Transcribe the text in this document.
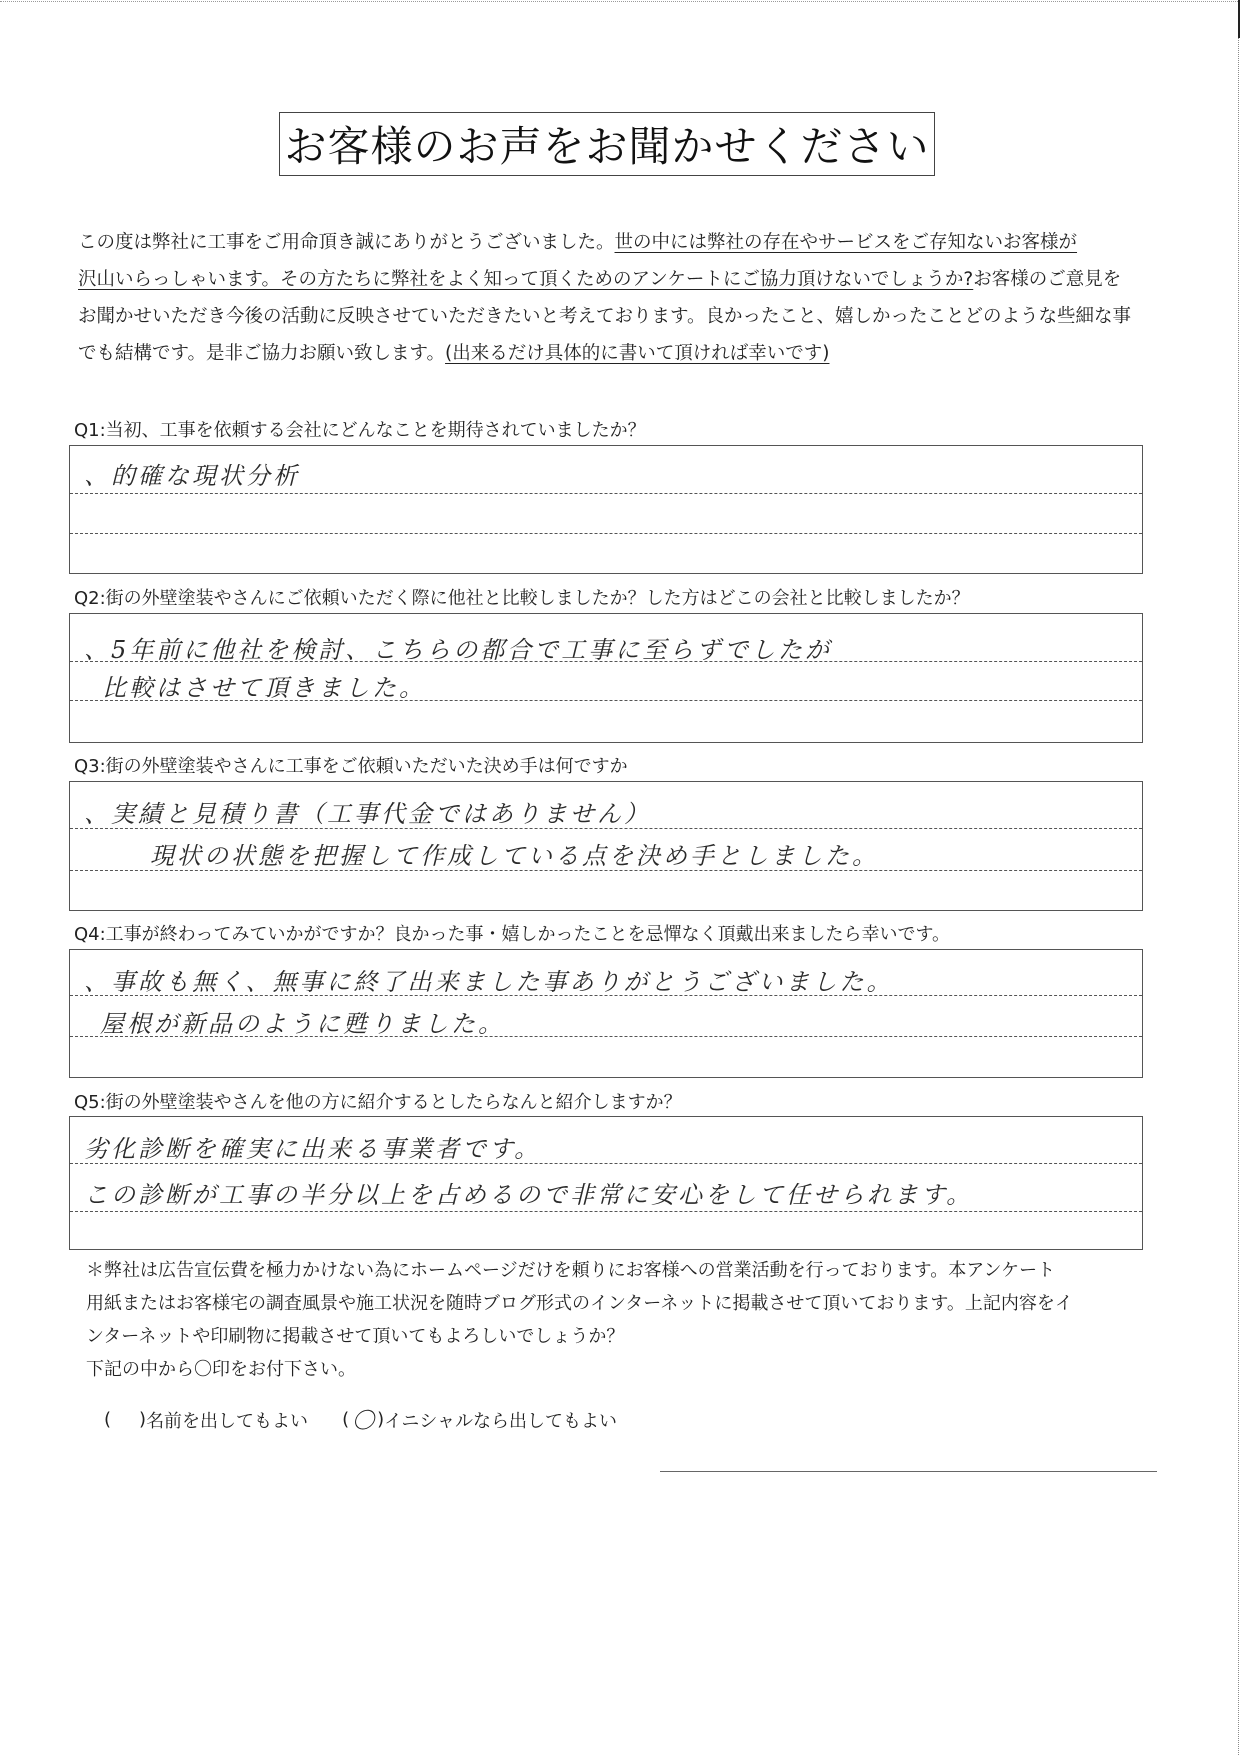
お客様のお声をお聞かせください
この度は弊社に工事をご用命頂き誠にありがとうございました。世の中には弊社の存在やサービスをご存知ないお客様が
沢山いらっしゃいます。その方たちに弊社をよく知って頂くためのアンケートにご協力頂けないでしょうか?お客様のご意見を
お聞かせいただき今後の活動に反映させていただきたいと考えております。良かったこと、嬉しかったことどのような些細な事
でも結構です。是非ご協力お願い致します。(出来るだけ具体的に書いて頂ければ幸いです)
Q1:当初、工事を依頼する会社にどんなことを期待されていましたか？
、的確な現状分析
Q2:街の外壁塗装やさんにご依頼いただく際に他社と比較しましたか？した方はどこの会社と比較しましたか？
、5年前に他社を検討、こちらの都合で工事に至らずでしたが
比較はさせて頂きました。
Q3:街の外壁塗装やさんに工事をご依頼いただいた決め手は何ですか
、実績と見積り書（工事代金ではありません）
現状の状態を把握して作成している点を決め手としました。
Q4:工事が終わってみていかがですか？良かった事・嬉しかったことを忌憚なく頂戴出来ましたら幸いです。
、事故も無く、無事に終了出来ました事ありがとうございました。
屋根が新品のように甦りました。
Q5:街の外壁塗装やさんを他の方に紹介するとしたらなんと紹介しますか？
劣化診断を確実に出来る事業者です。
この診断が工事の半分以上を占めるので非常に安心をして任せられます。
＊弊社は広告宣伝費を極力かけない為にホームページだけを頼りにお客様への営業活動を行っております。本アンケート
用紙またはお客様宅の調査風景や施工状況を随時ブログ形式のインターネットに掲載させて頂いております。上記内容をイ
ンターネットや印刷物に掲載させて頂いてもよろしいでしょうか？
下記の中から〇印をお付下さい。
( ) 名前を出してもよい ( 〇 ) イニシャルなら出してもよい
